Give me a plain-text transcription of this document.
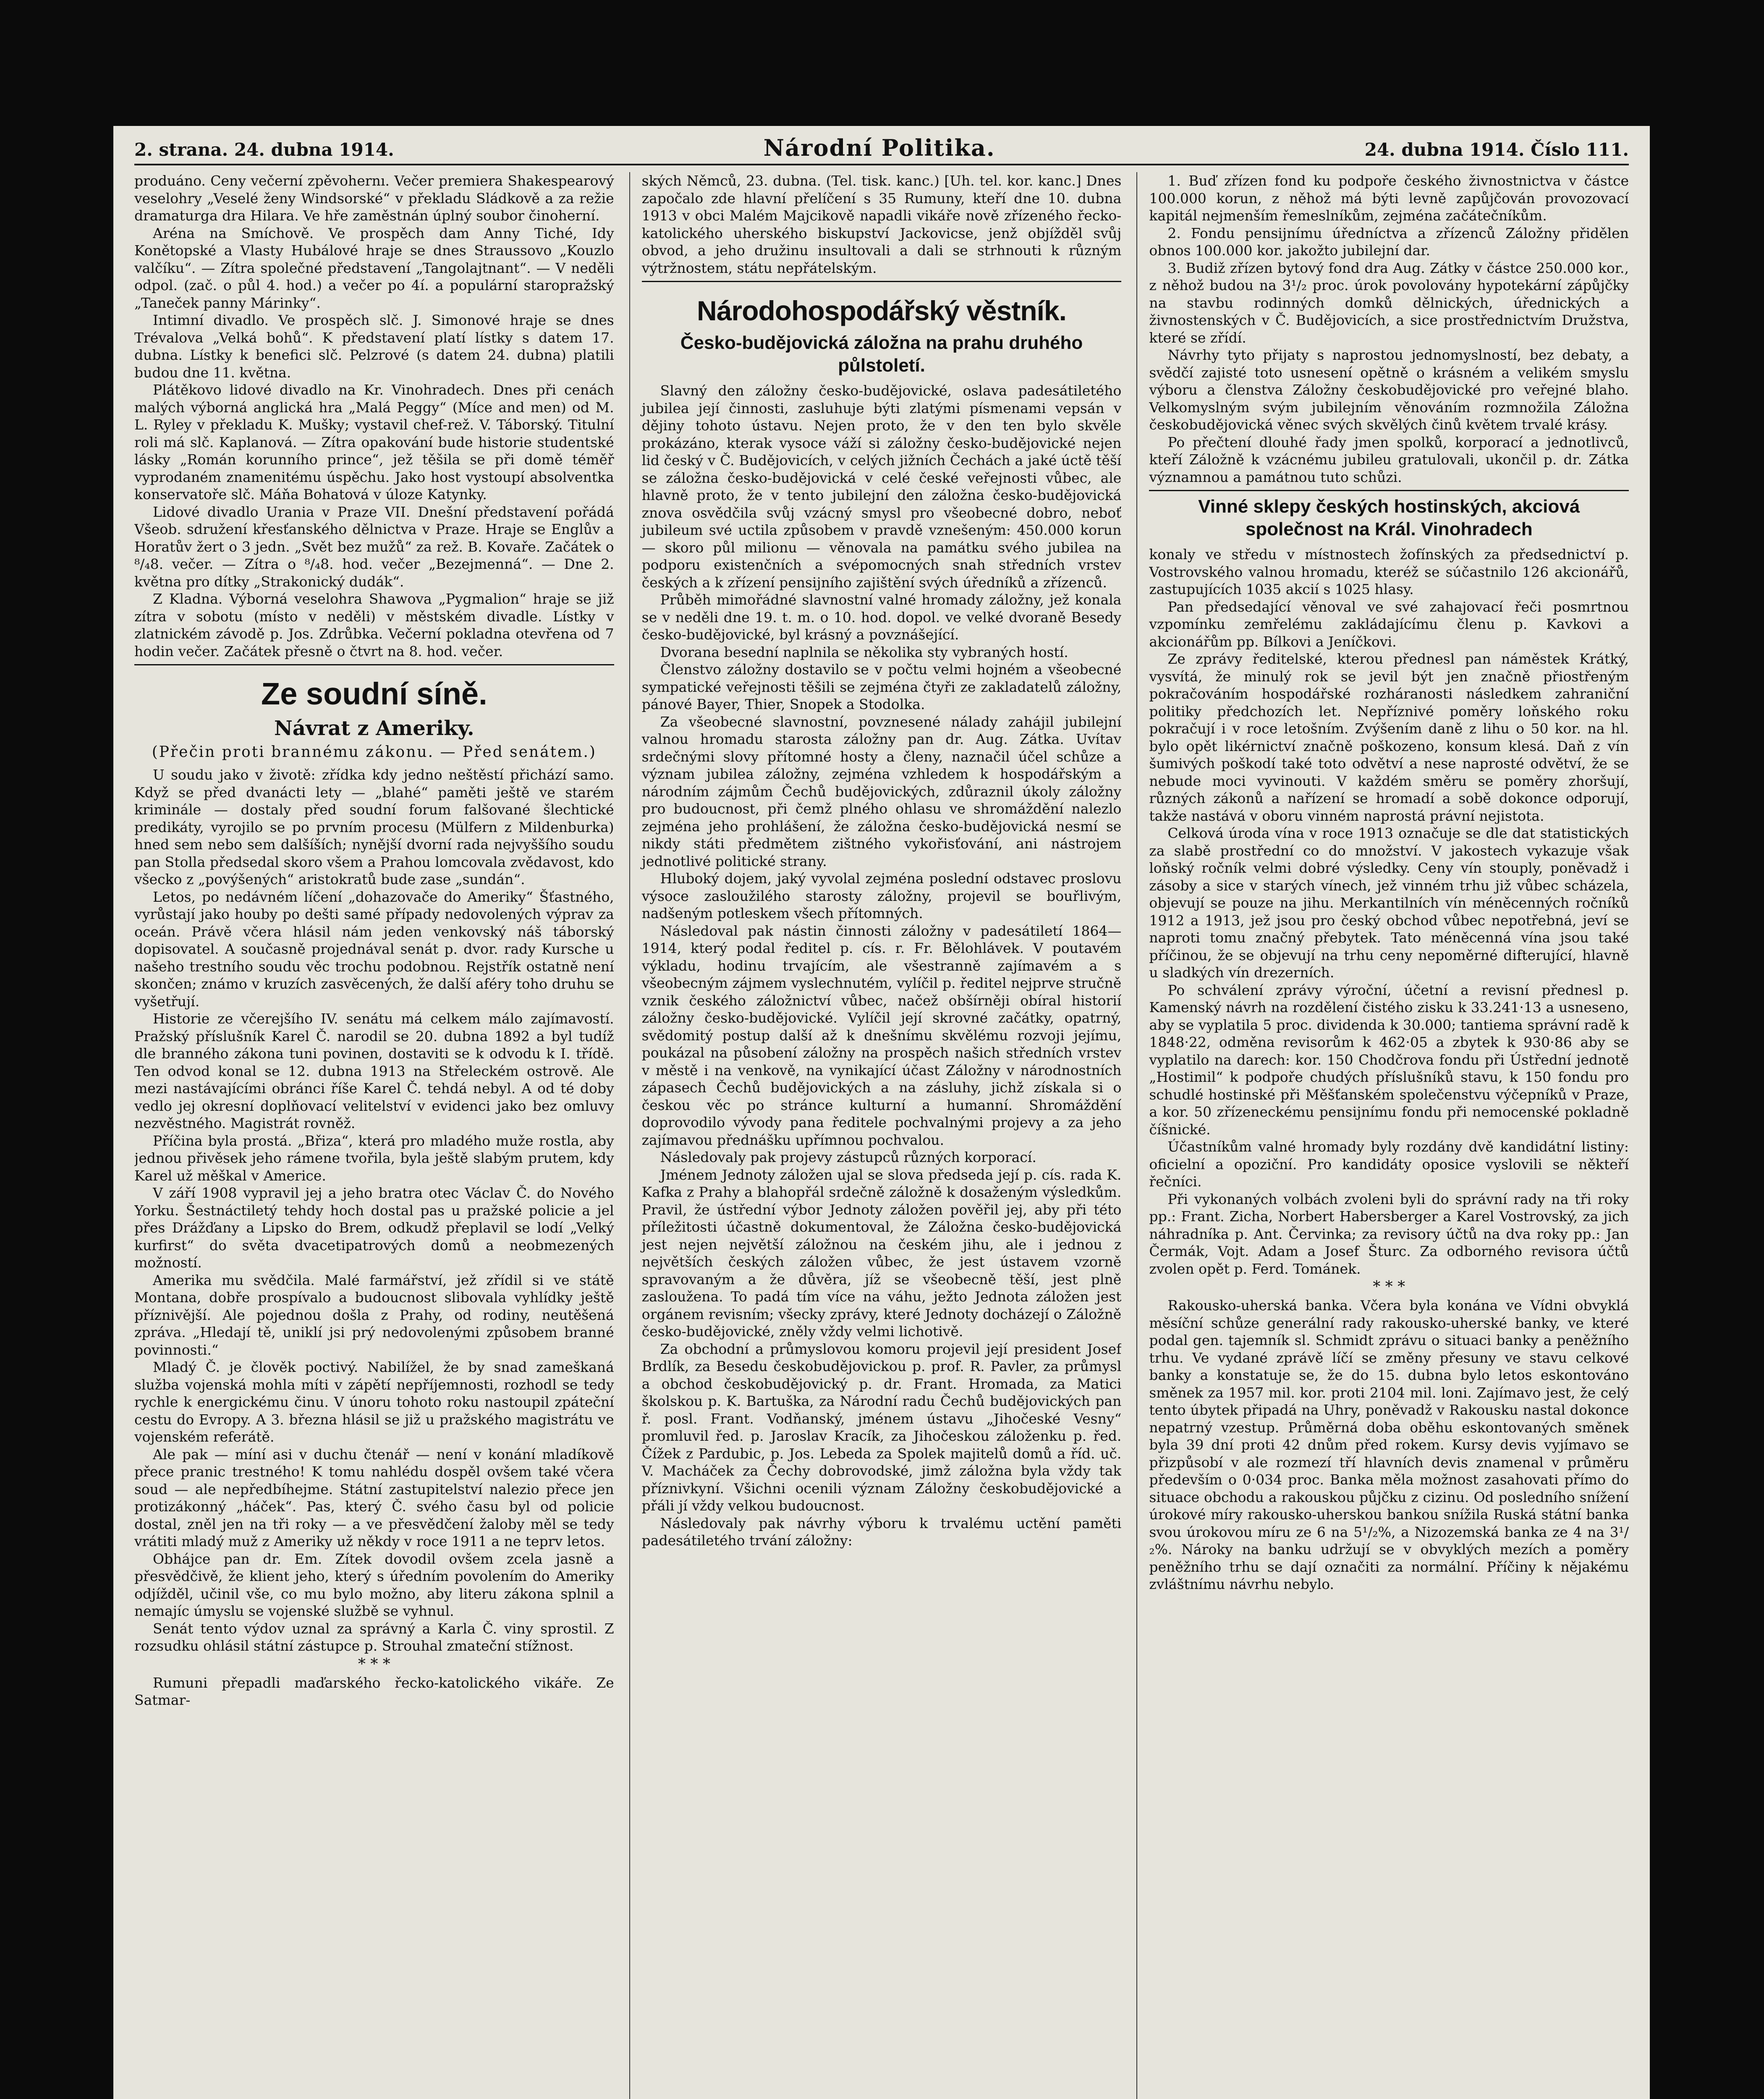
2. strana. 24. dubna 1914.	Národní Politika.	24. dubna 1914. Číslo 111.

produáno. Ceny večerní zpěvohernı. Večer premiera Shakespearový veselohry „Veselé ženy Windsorské“ v překladu Sládkově a za režie dramaturga dra Hilara. Ve hře zaměstnán úplný soubor činoherní.

Aréna na Smíchově. Ve prospěch dam Anny Tiché, Idy Konětopské a Vlasty Hubálové hraje se dnes Straussovo „Kouzlo valčíku“. — Zítra společné představení „Tangolajtnant“. — V neděli odpol. (zač. o půl 4. hod.) a večer po 4í. a populární staropražský „Taneček panny Márinky“.

Intimní divadlo. Ve prospěch slč. J. Simonové hraje se dnes Trévalova „Velká bohů“. K představení platí lístky s datem 17. dubna. Lístky k benefici slč. Pelzrové (s datem 24. dubna) platili budou dne 11. května.

Plátěkovo lidové divadlo na Kr. Vinohradech. Dnes při cenách malých výborná anglická hra „Malá Peggy“ (Míce and men) od M. L. Ryley v překladu K. Mušky; vystavil chef-rež. V. Táborský. Titulní roli má slč. Kaplanová. — Zítra opakování bude historie studentské lásky „Román korunního prince“, jež těšila se při domě téměř vyprodaném znamenitému úspěchu. Jako host vystoupí absolventka konservatoře slč. Máňa Bohatová v úloze Katynky.

Lidové divadlo Urania v Praze VII. Dnešní představení pořádá Všeob. sdružení křesťanského dělnictva v Praze. Hraje se Englův a Horatův žert o 3 jedn. „Svět bez mužů“ za rež. B. Kovaře. Začátek o ⁸/₄8. večer. — Zítra o ⁸/₄8. hod. večer „Bezejmenná“. — Dne 2. května pro dítky „Strakonický dudák“.

Z Kladna. Výborná veselohra Shawova „Pygmalion“ hraje se již zítra v sobotu (místo v neděli) v městském divadle. Lístky v zlatnickém závodě p. Jos. Zdrůbka. Večerní pokladna otevřena od 7 hodin večer. Začátek přesně o čtvrt na 8. hod. večer.

Ze soudní síně.
Návrat z Ameriky.
(Přečin proti brannému zákonu. — Před senátem.)

U soudu jako v životě: zřídka kdy jedno neštěstí přichází samo. Když se před dvanácti lety — „blahé“ paměti ještě ve starém kriminále — dostaly před soudní forum falšované šlechtické predikáty, vyrojilo se po prvním procesu (Mülfern z Mildenburka) hned sem nebo sem dalšíších; nynější dvorní rada nejvyššího soudu pan Stolla předsedal skoro všem a Prahou lomcovala zvědavost, kdo všecko z „povýšených“ aristokratů bude zase „sundán“.

Letos, po nedávném líčení „dohazovače do Ameriky“ Šťastného, vyrůstají jako houby po dešti samé případy nedovolených výprav za oceán. Právě včera hlásil nám jeden venkovský náš táborský dopisovatel. A současně projednával senát p. dvor. rady Kursche u našeho trestního soudu věc trochu podobnou. Rejstřík ostatně není skončen; známo v kruzích zasvěcených, že další aféry toho druhu se vyšetřují.

Historie ze včerejšího IV. senátu má celkem málo zajímavostí. Pražský příslušník Karel Č. narodil se 20. dubna 1892 a byl tudíž dle branného zákona tuni povinen, dostaviti se k odvodu k I. třídě. Ten odvod konal se 12. dubna 1913 na Střeleckém ostrově. Ale mezi nastávajícími obránci říše Karel Č. tehdá nebyl. A od té doby vedlo jej okresní doplňovací velitelství v evidenci jako bez omluvy nezvěstného. Magistrát rovněž.

Příčina byla prostá. „Břiza“, která pro mladého muže rostla, aby jednou přivěsek jeho rámene tvořila, byla ještě slabým prutem, kdy Karel už měškal v Americe.

V září 1908 vypravil jej a jeho bratra otec Václav Č. do Nového Yorku. Šestnáctiletý tehdy hoch dostal pas u pražské policie a jel přes Drážďany a Lipsko do Brem, odkudž přeplavil se lodí „Velký kurfirst“ do světa dvacetipatrových domů a neobmezených možností.

Amerika mu svědčila. Malé farmářství, jež zřídil si ve státě Montana, dobře prospívalo a budoucnost slibovala vyhlídky ještě příznivější. Ale pojednou došla z Prahy, od rodiny, neutěšená zpráva. „Hledají tě, uniklí jsi prý nedovolenými způsobem branné povinnosti.“

Mladý Č. je člověk poctivý. Nabilížel, že by snad zameškaná služba vojenská mohla míti v zápětí nepříjemnosti, rozhodl se tedy rychle k energickému činu. V únoru tohoto roku nastoupil zpáteční cestu do Evropy. A 3. března hlásil se již u pražského magistrátu ve vojenském referátě.

Ale pak — míní asi v duchu čtenář — není v konání mladíkově přece pranic trestného! K tomu nahlédu dospěl ovšem také včera soud — ale nepředbíhejme. Státní zastupitelství naleziо přece jen protizákonný „háček“. Pas, který Č. svého času byl od policie dostal, zněl jen na tři roky — a ve přesvědčení žaloby měl se tedy vrátiti mladý muž z Ameriky už někdy v roce 1911 a ne teprv letos.

Obhájce pan dr. Em. Zítek dovodil ovšem zcela jasně a přesvědčivě, že klient jeho, který s úředním povolením do Ameriky odjížděl, učinil vše, co mu bylo možno, aby literu zákona splnil a nemajíc úmyslu se vojenské službě se vyhnul.

Senát tento výdov uznal za správný a Karla Č. viny sprostil. Z rozsudku ohlásil státní zástupce p. Strouhal zmateční stížnost.

* * *

Rumuni přepadli maďarského řecko-katolického vikáře. Ze Satmar-

ských Němců, 23. dubna. (Tel. tisk. kanc.) [Uh. tel. kor. kanc.] Dnes započalo zde hlavní přelíčení s 35 Rumuny, kteří dne 10. dubna 1913 v obci Malém Majcikově napadli vikáře nově zřízeného řecko-katolického uherského biskupství Jackovicse, jenž objížděl svůj obvod, a jeho družinu insultovali a dali se strhnouti k různým výtržnostem, státu nepřátelským.

Národohospodářský věstník.
Česko-budějovická záložna na prahu druhého půlstoletí.

Slavný den záložny česko-budějovické, oslava padesátiletého jubilea její činnosti, zasluhuje býti zlatými písmenami vepsán v dějiny tohoto ústavu. Nejen proto, že v den ten bylo skvěle prokázáno, kterak vysoce váží si záložny česko-budějovické nejen lid český v Č. Budějovicích, v celých jižních Čechách a jaké úctě těší se záložna česko-budějovická v celé české veřejnosti vůbec, ale hlavně proto, že v tento jubilejní den záložna česko-budějovická znova osvědčila svůj vzácný smysl pro všeobecné dobro, neboť jubileum své uctila způsobem v pravdě vznešeným: 450.000 korun — skoro půl milionu — věnovala na památku svého jubilea na podporu existenčních a svépomocných snah středních vrstev českých a k zřízení pensijního zajištění svých úředníků a zřízenců.

Průběh mimořádné slavnostní valné hromady záložny, jež konala se v neděli dne 19. t. m. o 10. hod. dopol. ve velké dvoraně Besedy česko-budějovické, byl krásný a povznášející.

Dvorana besední naplnila se několika sty vybraných hostí.

Členstvo záložny dostavilo se v počtu velmi hojném a všeobecné sympatické veřejnosti těšili se zejména čtyři ze zakladatelů záložny, pánové Bayer, Thier, Snopek a Stodolka.

Za všeobecné slavnostní, povznesené nálady zahájil jubilejní valnou hromadu starosta záložny pan dr. Aug. Zátka. Uvítav srdečnými slovy přítomné hosty a členy, naznačil účel schůze a význam jubilea záložny, zejména vzhledem k hospodářským a národním zájmům Čechů budějovických, zdůraznil úkoly záložny pro budoucnost, při čemž plného ohlasu ve shromáždění nalezlo zejména jeho prohlášení, že záložna česko-budějovická nesmí se nikdy státi předmětem zištného vykořisťování, ani nástrojem jednotlivé politické strany.

Hluboký dojem, jaký vyvolal zejména poslední odstavec proslovu výsoce zasloužilého starosty záložny, projevil se bouřlivým, nadšeným potleskem všech přítomných.

Následoval pak nástin činnosti záložny v padesátiletí 1864—1914, který podal ředitel p. cís. r. Fr. Bělohlávek. V poutavém výkladu, hodinu trvajícím, ale všestranně zajímavém a s všeobecným zájmem vyslechnutém, vylíčil p. ředitel nejprve stručně vznik českého záložnictví vůbec, načež obšírněji obíral historií záložny česko-budějovické. Vylíčil její skrovné začátky, opatrný, svědomitý postup další až k dnešnímu skvělému rozvoji jejímu, poukázal na působení záložny na prospěch našich středních vrstev v městě i na venkově, na vynikající účast Záložny v národnostních zápasech Čechů budějovických a na zásluhy, jichž získala si o českou věc po stránce kulturní a humanní. Shromáždění doprovodilo vývody pana ředitele pochvalnými projevy a za jeho zajímavou přednášku upřímnou pochvalou.

Následovaly pak projevy zástupců různých korporací.

Jménem Jednoty záložen ujal se slova předseda její p. cís. rada K. Kafka z Prahy a blahopřál srdečně záložně k dosaženým výsledkům. Pravil, že ústřední výbor Jednoty záložen pověřil jej, aby při této příležitosti účastně dokumentoval, že Záložna česko-budějovická jest nejen největší záložnou na českém jihu, ale i jednou z největších českých záložen vůbec, že jest ústavem vzorně spravovaným a že důvěra, jíž se všeobecně těší, jest plně zasloužena. To padá tím více na váhu, ježto Jednota záložen jest orgánem revisním; všecky zprávy, které Jednoty docházejí o Záložně česko-budějovické, zněly vždy velmi lichotivě.

Za obchodní a průmyslovou komoru projevil její president Josef Brdlík, za Besedu českobudějovickou p. prof. R. Pavler, za průmysl a obchod českobudějovický p. dr. Frant. Hromada, za Matici školskou p. K. Bartuška, za Národní radu Čechů budějovických pan ř. posl. Frant. Vodňanský, jménem ústavu „Jihočeské Vesny“ promluvil řed. p. Jaroslav Kracík, za Jihočeskou záloženku p. řed. Čížek z Pardubic, p. Jos. Lebeda za Spolek majitelů domů a říd. uč. V. Macháček za Čechy dobrovodské, jimž záložna byla vždy tak příznivkyní. Všichni ocenili význam Záložny českobudějovické a přáli jí vždy velkou budoucnost.

Následovaly pak návrhy výboru k trvalému uctění paměti padesátiletého trvání záložny:

1. Buď zřízen fond ku podpoře českého živnostnictva v částce 100.000 korun, z něhož má býti levně zapůjčován provozovací kapitál nejmenším řemeslníkům, zejména začátečníkům.

2. Fondu pensijnímu úředníctva a zřízenců Záložny přidělen obnos 100.000 kor. jakožto jubilejní dar.

3. Budiž zřízen bytový fond dra Aug. Zátky v částce 250.000 kor., z něhož budou na 3¹/₂ proc. úrok povolovány hypotekární zápůjčky na stavbu rodinných domků dělnických, úřednických a živnostenských v Č. Budějovicích, a sice prostřednictvím Družstva, které se zřídí.

Návrhy tyto přijaty s naprostou jednomyslností, bez debaty, a svědčí zajisté toto usnesení opětně o krásném a velikém smyslu výboru a členstva Záložny českobudějovické pro veřejné blaho. Velkomyslným svým jubilejním věnováním rozmnožila Záložna českobudějovická věnec svých skvělých činů květem trvalé krásy.

Po přečtení dlouhé řady jmen spolků, korporací a jednotlivců, kteří Záložně k vzácnému jubileu gratulovali, ukončil p. dr. Zátka významnou a památnou tuto schůzi.

Vinné sklepy českých hostinských, akciová společnost na Král. Vinohradech

konaly ve středu v místnostech žofínských za předsednictví p. Vostrovského valnou hromadu, kteréž se súčastnilo 126 akcionářů, zastupujících 1035 akcií s 1025 hlasy.

Pan předsedající věnoval ve své zahajovací řeči posmrtnou vzpomínku zemřelému zakládajícímu členu p. Kavkovi a akcionářům pp. Bílkovi a Jeníčkovi.

Ze zprávy ředitelské, kterou přednesl pan náměstek Krátký, vysvítá, že minulý rok se jevil být jen značně přiostřeným pokračováním hospodářské rozháranosti následkem zahraniční politiky předchozích let. Nepříznivé poměry loňského roku pokračují i v roce letošním. Zvýšením daně z lihu o 50 kor. na hl. bylo opět likérnictví značně poškozeno, konsum klesá. Daň z vín šumivých poškodí také toto odvětví a nese naprosté odvětví, že se nebude moci vyvinouti. V každém směru se poměry zhoršují, různých zákonů a nařízení se hromadí a sobě dokonce odporují, takže nastává v oboru vinném naprostá právní nejistota.

Celková úroda vína v roce 1913 označuje se dle dat statistických za slabě prostřední co do množství. V jakostech vykazuje však loňský ročník velmi dobré výsledky. Ceny vín stouply, poněvadž i zásoby a sice v starých vínech, jež vinném trhu již vůbec scházela, objevují se pouze na jihu. Merkantilních vín méněcenných ročníků 1912 a 1913, jež jsou pro český obchod vůbec nepotřebná, jeví se naproti tomu značný přebytek. Tato méněcenná vína jsou také příčinou, že se objevují na trhu ceny nepoměrné difterující, hlavně u sladkých vín drezerních.

Po schválení zprávy výroční, účetní a revisní přednesl p. Kamenský návrh na rozdělení čistého zisku k 33.241·13 a usneseno, aby se vyplatila 5 proc. dividenda k 30.000; tantiema správní radě k 1848·22, odměna revisorům k 462·05 a zbytek k 930·86 aby se vyplatilo na darech: kor. 150 Chodčrova fondu při Ústřední jednotě „Hostimil“ k podpoře chudých příslušníků stavu, k 150 fondu pro schudlé hostinské při Měšťanském společenstvu výčepníků v Praze, a kor. 50 zřízeneckému pensijnímu fondu při nemocenské pokladně číšnické.

Účastníkům valné hromady byly rozdány dvě kandidátní listiny: oficielní a opoziční. Pro kandidáty oposice vyslovili se někteří řečníci.

Při vykonaných volbách zvoleni byli do správní rady na tři roky pp.: Frant. Zicha, Norbert Habersberger a Karel Vostrovský, za jich náhradníka p. Ant. Červinka; za revisory účtů na dva roky pp.: Jan Čermák, Vojt. Adam a Josef Šturc. Za odborného revisora účtů zvolen opět p. Ferd. Tománek.

* * *

Rakousko-uherská banka. Včera byla konána ve Vídni obvyklá měsíční schůze generální rady rakousko-uherské banky, ve které podal gen. tajemník sl. Schmidt zprávu o situaci banky a peněžního trhu. Ve vydané zprávě líčí se změny přesuny ve stavu celkové banky a konstatuje se, že do 15. dubna bylo letos eskontováno směnek za 1957 mil. kor. proti 2104 mil. loni. Zajímavo jest, že celý tento úbytek připadá na Uhry, poněvadž v Rakousku nastal dokonce nepatrný vzestup. Průměrná doba oběhu eskontovaných směnek byla 39 dní proti 42 dnům před rokem. Kursy devis vyjímavo se přizpůsobí v ale rozmezí tří hlavních devis znamenal v průměru především o 0·034 proc. Banka měla možnost zasahovati přímo do situace obchodu a rakouskou půjčku z cizinu. Od posledního snížení úrokové míry rakousko-uherskou bankou snížila Ruská státní banka svou úrokovou míru ze 6 na 5¹/₂%, a Nizozemská banka ze 4 na 3¹/₂%. Nároky na banku udržují se v obvyklých mezích a poměry peněžního trhu se dají označiti za normální. Příčiny k nějakému zvláštnímu návrhu nebylo.
